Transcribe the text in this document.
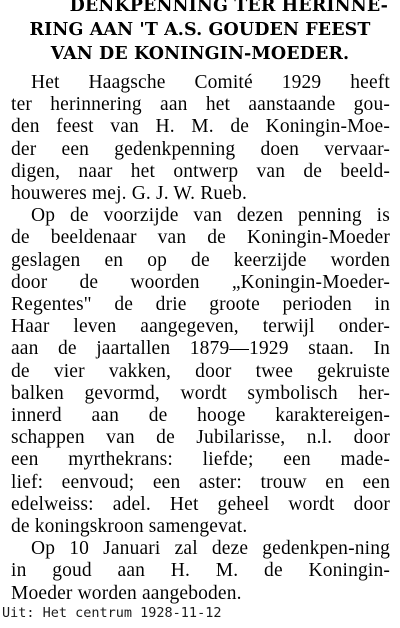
DENKPENNING TER HERINNE-
RING AAN 'T A.S. GOUDEN FEEST
VAN DE KONINGIN-MOEDER.

Het Haagsche Comité 1929 heeft
ter herinnering aan het aanstaande gou-
den feest van H. M. de Koningin-Moe-
der een gedenkpenning doen vervaar-
digen, naar het ontwerp van de beeld-
houweres mej. G. J. W. Rueb.

Op de voorzijde van dezen penning is
de beeldenaar van de Koningin-Moeder
geslagen en op de keerzijde worden
door de woorden „Koningin-Moeder-
Regentes" de drie groote perioden in
Haar leven aangegeven, terwijl onder-
aan de jaartallen 1879—1929 staan. In
de vier vakken, door twee gekruiste
balken gevormd, wordt symbolisch her-
innerd aan de hooge karaktereigen-
schappen van de Jubilarisse, n.l. door
een myrthekrans: liefde; een made-
lief: eenvoud; een aster: trouw en een
edelweiss: adel. Het geheel wordt door
de koningskroon samengevat.

Op 10 Januari zal deze gedenkpen-ning
in goud aan H. M. de Koningin-
Moeder worden aangeboden.

Uit: Het centrum 1928-11-12
